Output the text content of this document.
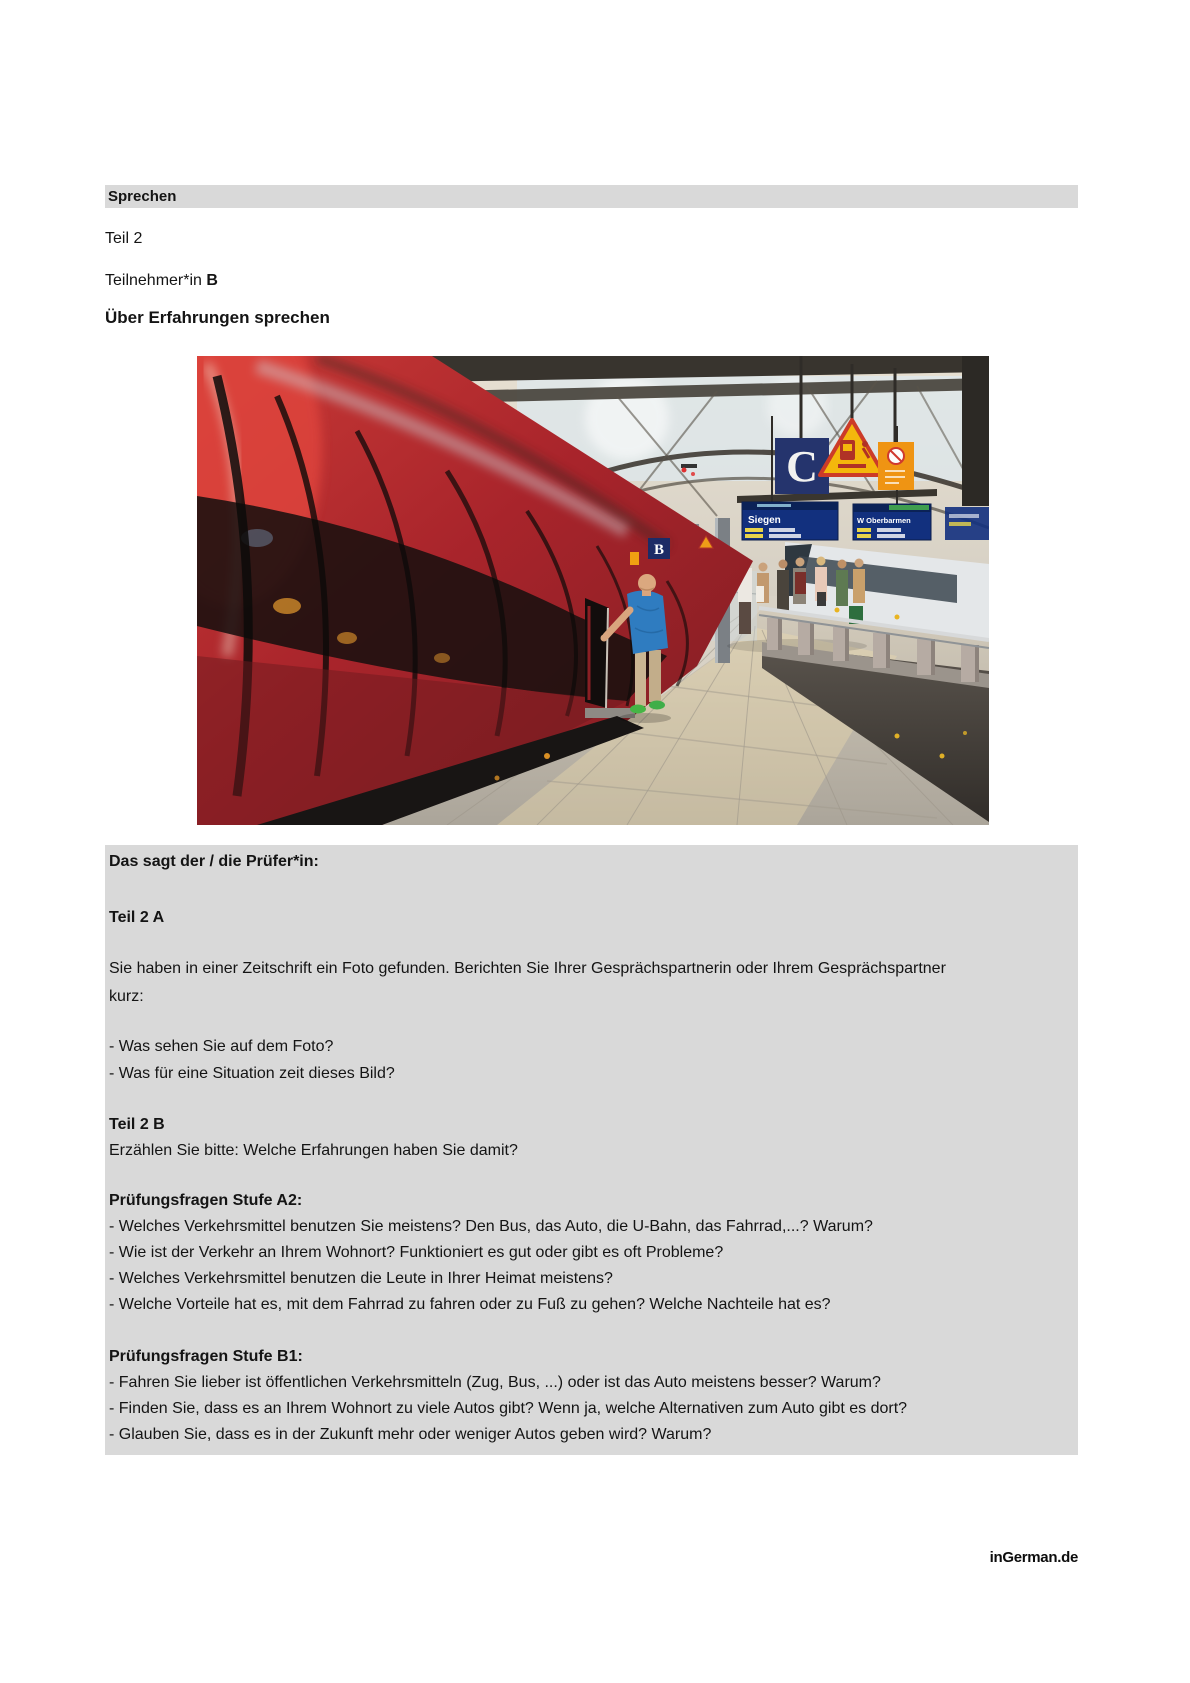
Sprechen
Teil 2
Teilnehmer*in B
Über Erfahrungen sprechen
B
C
Siegen	W Oberbarmen
Das sagt der / die Prüfer*in:
Teil 2 A
Sie haben in einer Zeitschrift ein Foto gefunden. Berichten Sie Ihrer Gesprächspartnerin oder Ihrem Gesprächspartner
kurz:
- Was sehen Sie auf dem Foto?
- Was für eine Situation zeit dieses Bild?
Teil 2 B
Erzählen Sie bitte: Welche Erfahrungen haben Sie damit?
Prüfungsfragen Stufe A2:
- Welches Verkehrsmittel benutzen Sie meistens? Den Bus, das Auto, die U-Bahn, das Fahrrad,...? Warum?
- Wie ist der Verkehr an Ihrem Wohnort? Funktioniert es gut oder gibt es oft Probleme?
- Welches Verkehrsmittel benutzen die Leute in Ihrer Heimat meistens?
- Welche Vorteile hat es, mit dem Fahrrad zu fahren oder zu Fuß zu gehen? Welche Nachteile hat es?
Prüfungsfragen Stufe B1:
- Fahren Sie lieber ist öffentlichen Verkehrsmitteln (Zug, Bus, ...) oder ist das Auto meistens besser? Warum?
- Finden Sie, dass es an Ihrem Wohnort zu viele Autos gibt? Wenn ja, welche Alternativen zum Auto gibt es dort?
- Glauben Sie, dass es in der Zukunft mehr oder weniger Autos geben wird? Warum?
inGerman.de
